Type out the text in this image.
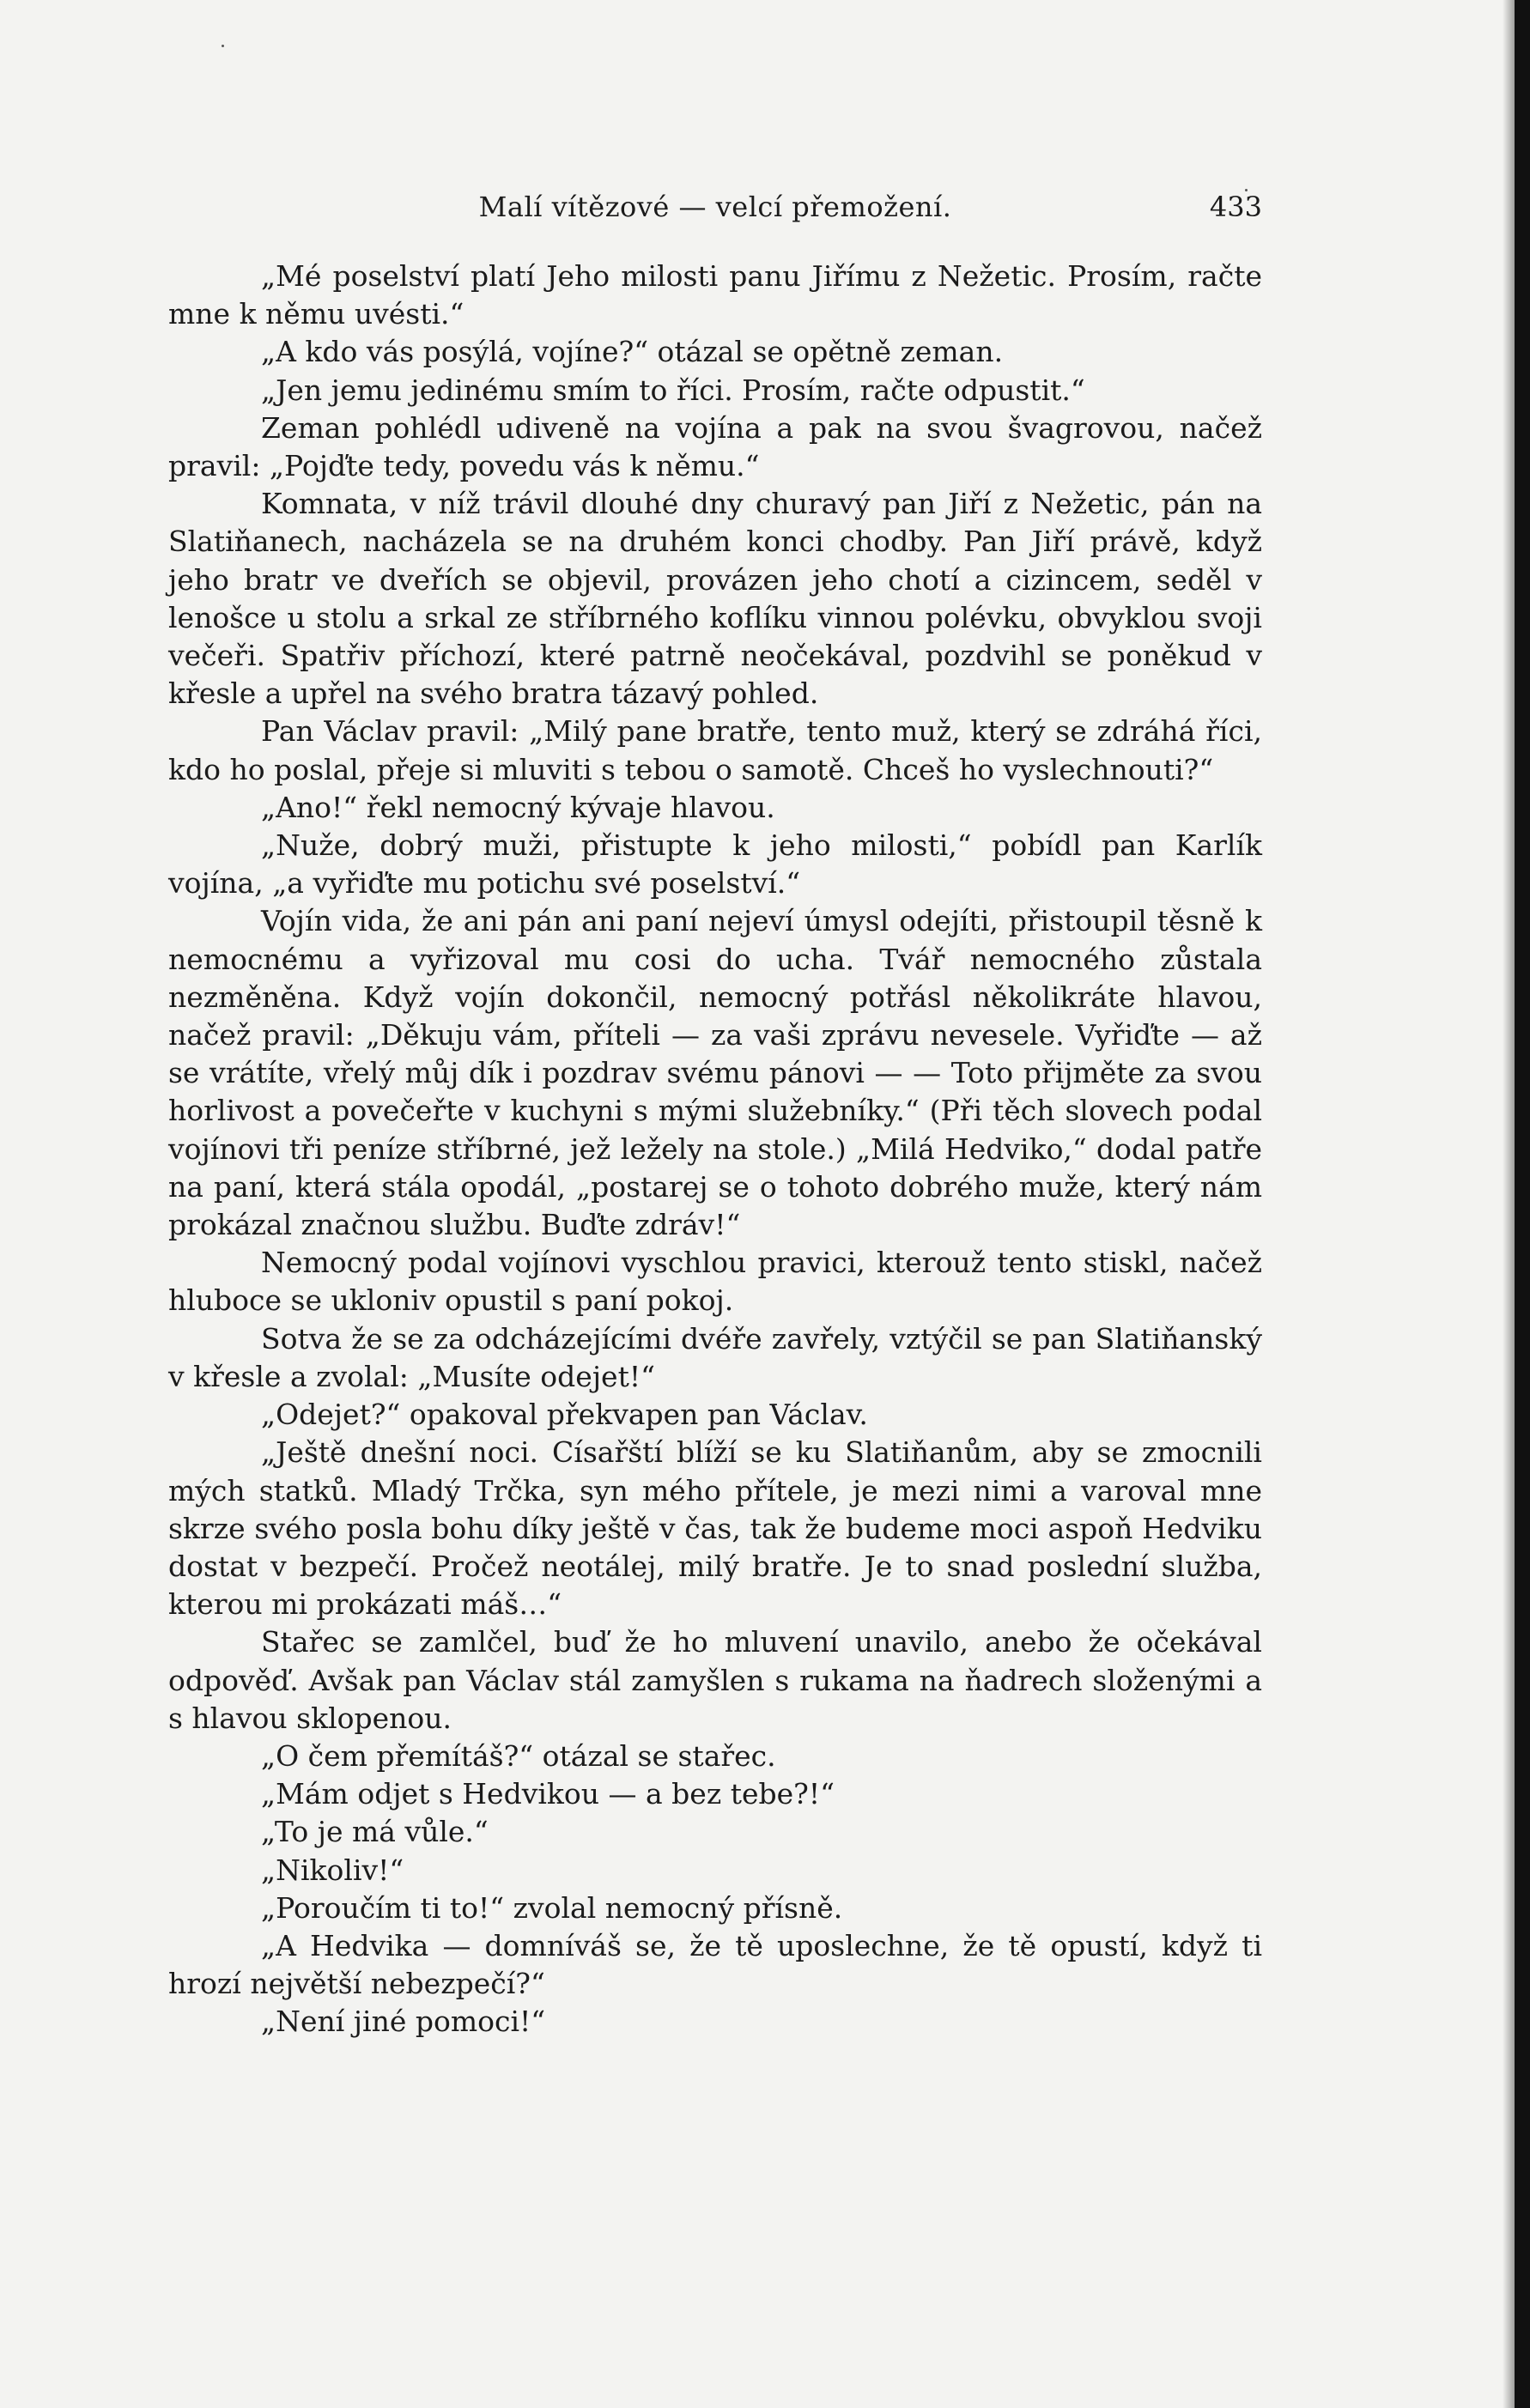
Malí vítězové — velcí přemožení.	433

„Mé poselství platí Jeho milosti panu Jiřímu z Nežetic. Prosím, račte mne k němu uvésti.“

„A kdo vás posýlá, vojíne?“ otázal se opětně zeman.

„Jen jemu jedinému smím to říci. Prosím, račte odpustit.“

Zeman pohlédl udiveně na vojína a pak na svou švagrovou, načež pravil: „Pojďte tedy, povedu vás k němu.“

Komnata, v níž trávil dlouhé dny churavý pan Jiří z Nežetic, pán na Slatiňanech, nacházela se na druhém konci chodby. Pan Jiří právě, když jeho bratr ve dveřích se objevil, provázen jeho chotí a cizincem, seděl v lenošce u stolu a srkal ze stříbrného koflíku vinnou polévku, obvyklou svoji večeři. Spatřiv příchozí, které patrně neočekával, pozdvihl se poněkud v křesle a upřel na svého bratra tázavý pohled.

Pan Václav pravil: „Milý pane bratře, tento muž, který se zdráhá říci, kdo ho poslal, přeje si mluviti s tebou o samotě. Chceš ho vyslechnouti?“

„Ano!“ řekl nemocný kývaje hlavou.

„Nuže, dobrý muži, přistupte k jeho milosti,“ pobídl pan Karlík vojína, „a vyřiďte mu potichu své poselství.“

Vojín vida, že ani pán ani paní nejeví úmysl odejíti, přistoupil těsně k nemocnému a vyřizoval mu cosi do ucha. Tvář nemocného zůstala nezměněna. Když vojín dokončil, nemocný potřásl několikráte hlavou, načež pravil: „Děkuju vám, příteli — za vaši zprávu nevesele. Vyřiďte — až se vrátíte, vřelý můj dík i pozdrav svému pánovi — — Toto přijměte za svou horlivost a povečeřte v kuchyni s mými služebníky.“ (Při těch slovech podal vojínovi tři peníze stříbrné, jež ležely na stole.) „Milá Hedviko,“ dodal patře na paní, která stála opodál, „postarej se o tohoto dobrého muže, který nám prokázal značnou službu. Buďte zdráv!“

Nemocný podal vojínovi vyschlou pravici, kterouž tento stiskl, načež hluboce se ukloniv opustil s paní pokoj.

Sotva že se za odcházejícími dvéře zavřely, vztýčil se pan Slatiňanský v křesle a zvolal: „Musíte odejet!“

„Odejet?“ opakoval překvapen pan Václav.

„Ještě dnešní noci. Císařští blíží se ku Slatiňanům, aby se zmocnili mých statků. Mladý Trčka, syn mého přítele, je mezi nimi a varoval mne skrze svého posla bohu díky ještě v čas, tak že budeme moci aspoň Hedviku dostat v bezpečí. Pročež neotálej, milý bratře. Je to snad poslední služba, kterou mi prokázati máš…“

Stařec se zamlčel, buď že ho mluvení unavilo, anebo že očekával odpověď. Avšak pan Václav stál zamyšlen s rukama na ňadrech složenými a s hlavou sklopenou.

„O čem přemítáš?“ otázal se stařec.

„Mám odjet s Hedvikou — a bez tebe?!“

„To je má vůle.“

„Nikoliv!“

„Poroučím ti to!“ zvolal nemocný přísně.

„A Hedvika — domníváš se, že tě uposlechne, že tě opustí, když ti hrozí největší nebezpečí?“

„Není jiné pomoci!“
